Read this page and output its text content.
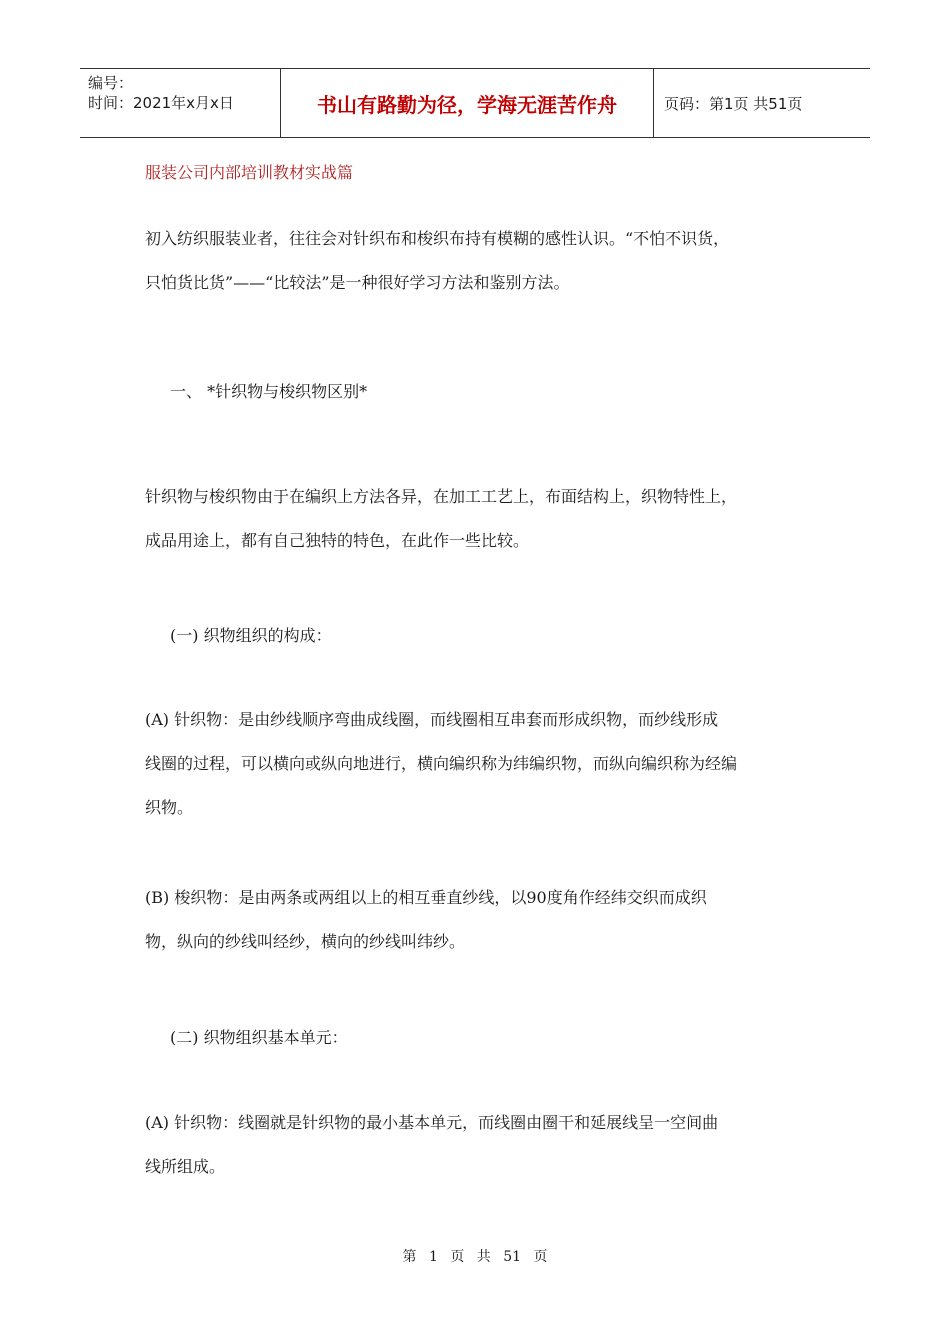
编号：
时间：2021年x月x日	书山有路勤为径，学海无涯苦作舟	页码：第1页 共51页
服装公司内部培训教材实战篇
初入纺织服装业者，往往会对针织布和梭织布持有模糊的感性认识。“不怕不识货，
只怕货比货”——“比较法”是一种很好学习方法和鉴别方法。
一、 *针织物与梭织物区别*
针织物与梭织物由于在编织上方法各异，在加工工艺上，布面结构上，织物特性上，
成品用途上，都有自己独特的特色，在此作一些比较。
(一) 织物组织的构成：
(A) 针织物：是由纱线顺序弯曲成线圈，而线圈相互串套而形成织物，而纱线形成
线圈的过程，可以横向或纵向地进行，横向编织称为纬编织物，而纵向编织称为经编
织物。
(B) 梭织物：是由两条或两组以上的相互垂直纱线，以90度角作经纬交织而成织
物，纵向的纱线叫经纱，横向的纱线叫纬纱。
(二) 织物组织基本单元：
(A) 针织物：线圈就是针织物的最小基本单元，而线圈由圈干和延展线呈一空间曲
线所组成。
第 1 页 共 51 页
